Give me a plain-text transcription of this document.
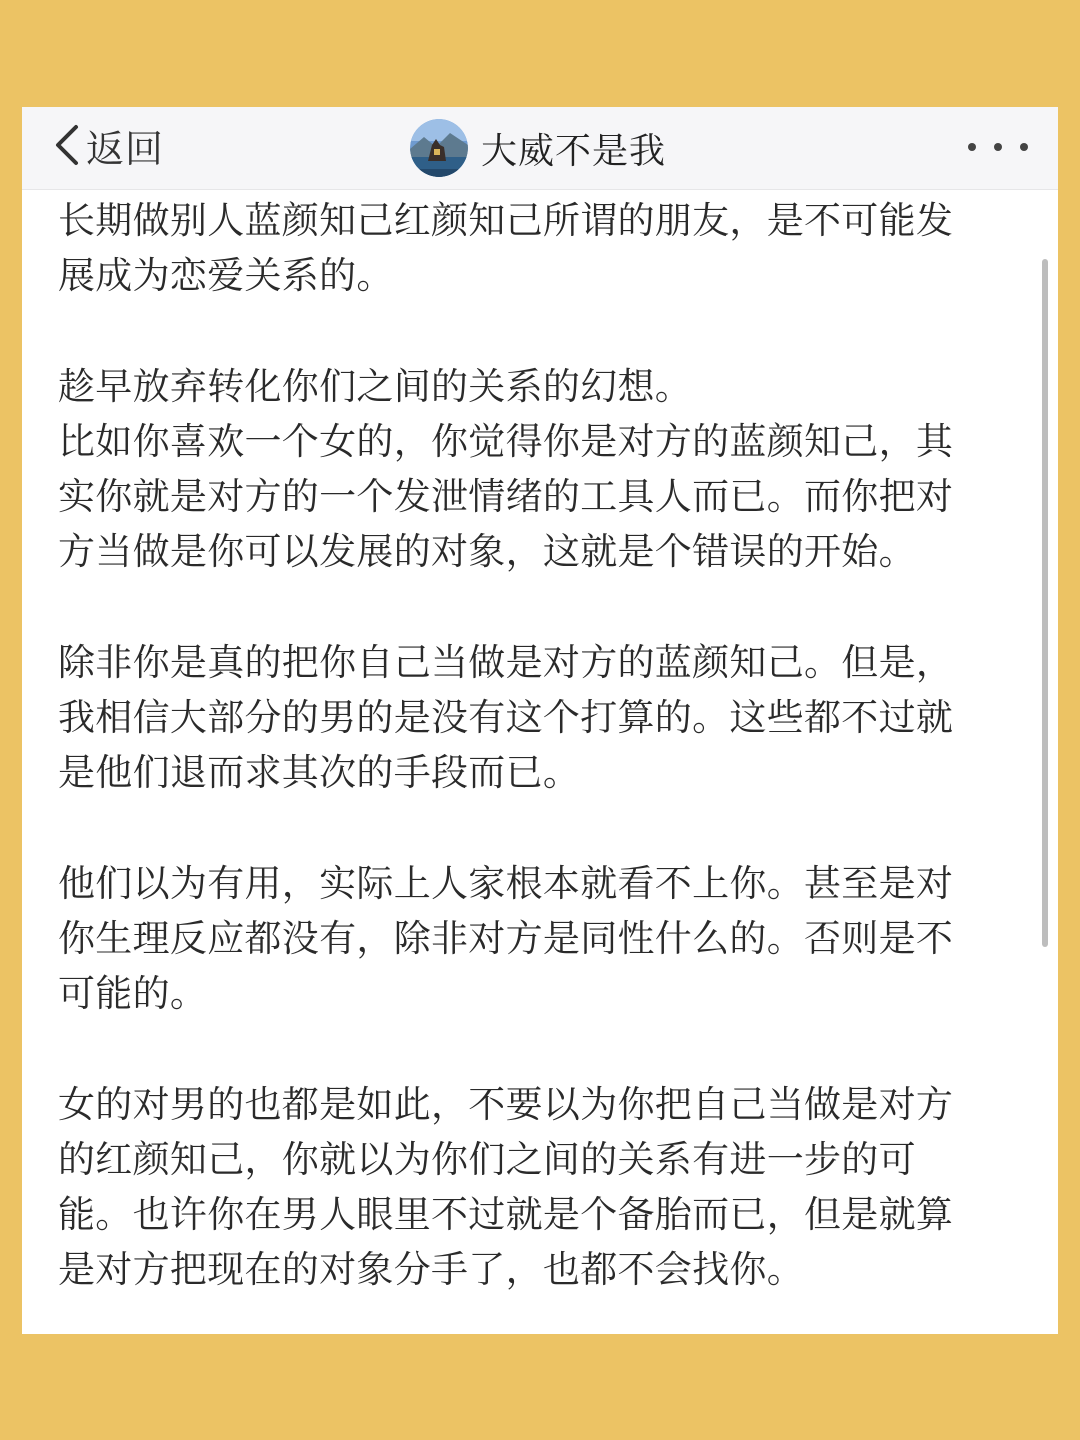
返回	大威不是我

长期做别人蓝颜知己红颜知己所谓的朋友，是不可能发
展成为恋爱关系的。

趁早放弃转化你们之间的关系的幻想。
比如你喜欢一个女的，你觉得你是对方的蓝颜知己，其
实你就是对方的一个发泄情绪的工具人而已。而你把对
方当做是你可以发展的对象，这就是个错误的开始。

除非你是真的把你自己当做是对方的蓝颜知己。但是，
我相信大部分的男的是没有这个打算的。这些都不过就
是他们退而求其次的手段而已。

他们以为有用，实际上人家根本就看不上你。甚至是对
你生理反应都没有，除非对方是同性什么的。否则是不
可能的。

女的对男的也都是如此，不要以为你把自己当做是对方
的红颜知己，你就以为你们之间的关系有进一步的可
能。也许你在男人眼里不过就是个备胎而已，但是就算
是对方把现在的对象分手了，也都不会找你。
